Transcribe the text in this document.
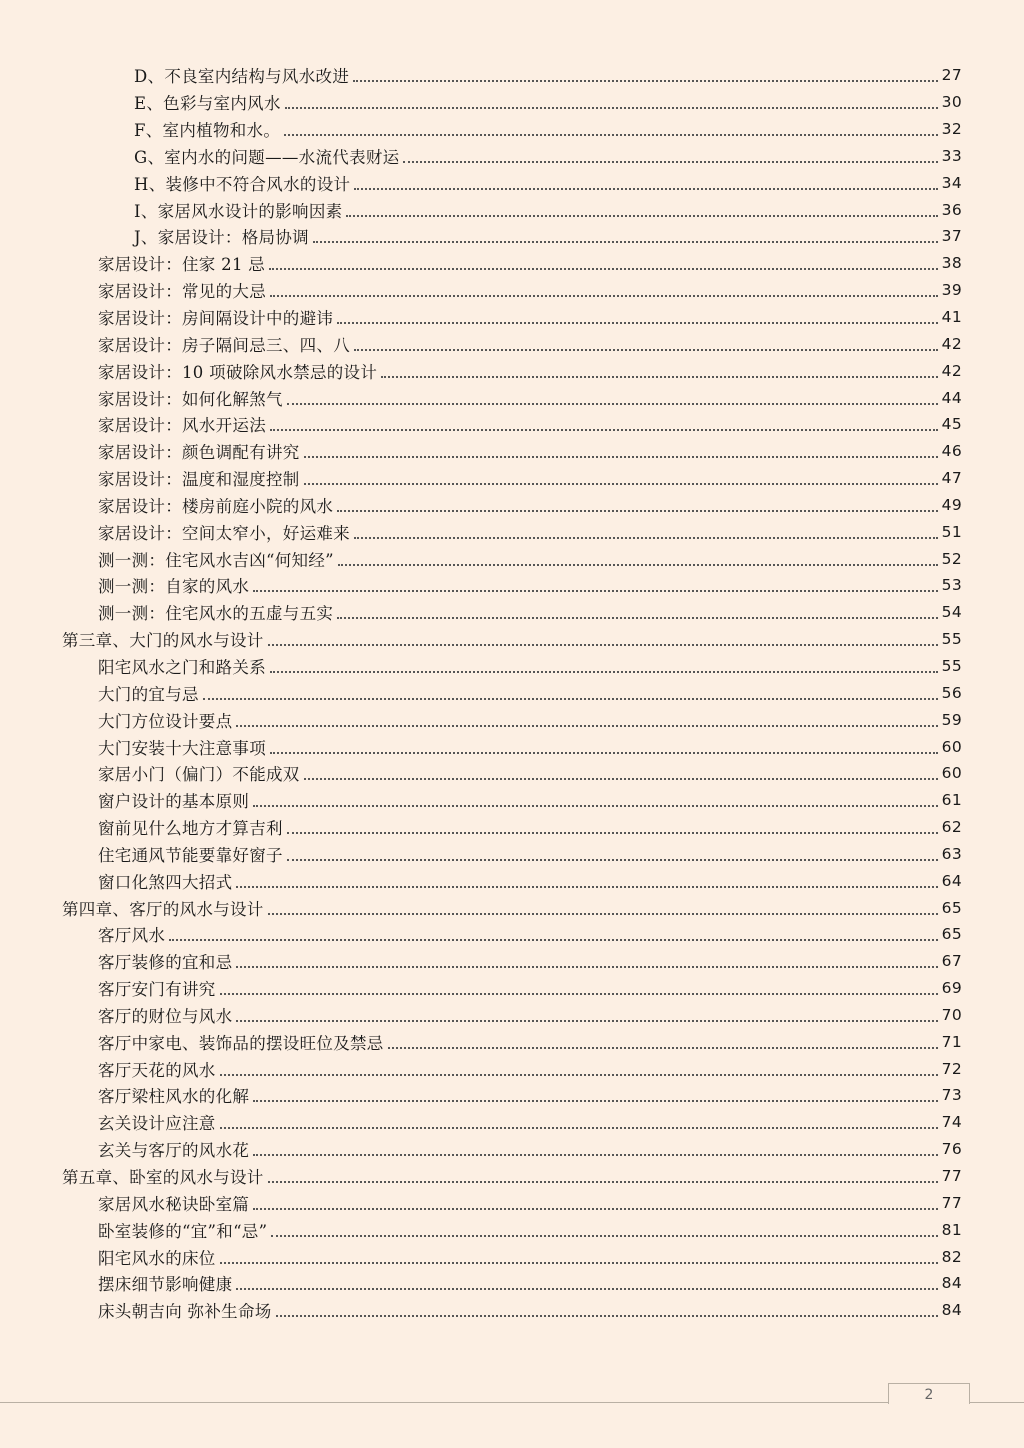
D、不良室内结构与风水改进	27
E、色彩与室内风水	30
F、室内植物和水。	32
G、室内水的问题——水流代表财运	33
H、装修中不符合风水的设计	34
I、家居风水设计的影响因素	36
J、家居设计：格局协调	37
家居设计：住家 21 忌	38
家居设计：常见的大忌	39
家居设计：房间隔设计中的避讳	41
家居设计：房子隔间忌三、四、八	42
家居设计：10 项破除风水禁忌的设计	42
家居设计：如何化解煞气	44
家居设计：风水开运法	45
家居设计：颜色调配有讲究	46
家居设计：温度和湿度控制	47
家居设计：楼房前庭小院的风水	49
家居设计：空间太窄小，好运难来	51
测一测：住宅风水吉凶“何知经”	52
测一测：自家的风水	53
测一测：住宅风水的五虚与五实	54
第三章、大门的风水与设计	55
阳宅风水之门和路关系	55
大门的宜与忌	56
大门方位设计要点	59
大门安装十大注意事项	60
家居小门（偏门）不能成双	60
窗户设计的基本原则	61
窗前见什么地方才算吉利	62
住宅通风节能要靠好窗子	63
窗口化煞四大招式	64
第四章、客厅的风水与设计	65
客厅风水	65
客厅装修的宜和忌	67
客厅安门有讲究	69
客厅的财位与风水	70
客厅中家电、装饰品的摆设旺位及禁忌	71
客厅天花的风水	72
客厅梁柱风水的化解	73
玄关设计应注意	74
玄关与客厅的风水花	76
第五章、卧室的风水与设计	77
家居风水秘诀卧室篇	77
卧室装修的“宜”和“忌”	81
阳宅风水的床位	82
摆床细节影响健康	84
床头朝吉向 弥补生命场	84
2
